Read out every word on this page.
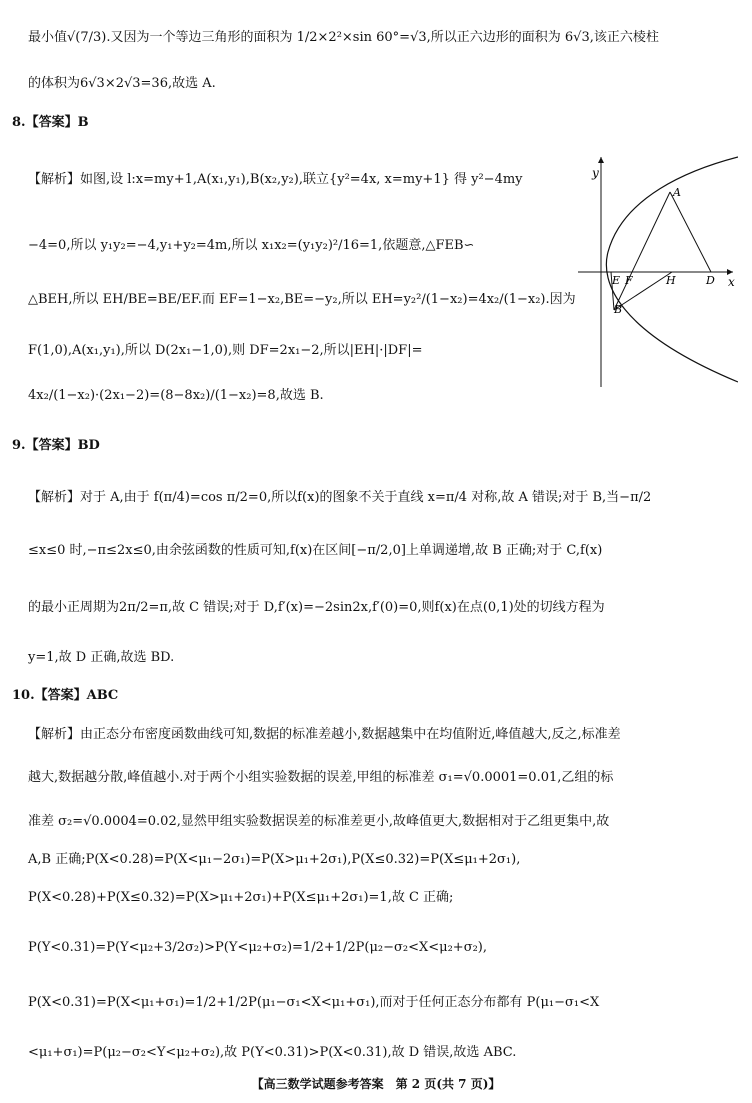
最小值√(7/3).又因为一个等边三角形的面积为 1/2×2²×sin 60°=√3,所以正六边形的面积为 6√3,该正六棱柱
的体积为6√3×2√3=36,故选 A.
8.【答案】B
【解析】如图,设 l:x=my+1,A(x₁,y₁),B(x₂,y₂),联立{y²=4x, x=my+1} 得 y²−4my
−4=0,所以 y₁y₂=−4,y₁+y₂=4m,所以 x₁x₂=(y₁y₂)²/16=1,依题意,△FEB∽
△BEH,所以 EH/BE=BE/EF.而 EF=1−x₂,BE=−y₂,所以 EH=y₂²/(1−x₂)=4x₂/(1−x₂).因为
F(1,0),A(x₁,y₁),所以 D(2x₁−1,0),则 DF=2x₁−2,所以|EH|·|DF|=
4x₂/(1−x₂)·(2x₁−2)=(8−8x₂)/(1−x₂)=8,故选 B.
9.【答案】BD
【解析】对于 A,由于 f(π/4)=cos π/2=0,所以f(x)的图象不关于直线 x=π/4 对称,故 A 错误;对于 B,当−π/2
≤x≤0 时,−π≤2x≤0,由余弦函数的性质可知,f(x)在区间[−π/2,0]上单调递增,故 B 正确;对于 C,f(x)
的最小正周期为2π/2=π,故 C 错误;对于 D,f′(x)=−2sin2x,f′(0)=0,则f(x)在点(0,1)处的切线方程为
y=1,故 D 正确,故选 BD.
10.【答案】ABC
【解析】由正态分布密度函数曲线可知,数据的标准差越小,数据越集中在均值附近,峰值越大,反之,标准差
越大,数据越分散,峰值越小.对于两个小组实验数据的误差,甲组的标准差 σ₁=√0.0001=0.01,乙组的标
准差 σ₂=√0.0004=0.02,显然甲组实验数据误差的标准差更小,故峰值更大,数据相对于乙组更集中,故
A,B 正确;P(X<0.28)=P(X<μ₁−2σ₁)=P(X>μ₁+2σ₁),P(X≤0.32)=P(X≤μ₁+2σ₁),
P(X<0.28)+P(X≤0.32)=P(X>μ₁+2σ₁)+P(X≤μ₁+2σ₁)=1,故 C 正确;
P(Y<0.31)=P(Y<μ₂+3/2σ₂)>P(Y<μ₂+σ₂)=1/2+1/2P(μ₂−σ₂<X<μ₂+σ₂),
P(X<0.31)=P(X<μ₁+σ₁)=1/2+1/2P(μ₁−σ₁<X<μ₁+σ₁),而对于任何正态分布都有 P(μ₁−σ₁<X
<μ₁+σ₁)=P(μ₂−σ₂<Y<μ₂+σ₂),故 P(Y<0.31)>P(X<0.31),故 D 错误,故选 ABC.
y
x
A
E F	H	D
B
【高三数学试题参考答案　第 2 页(共 7 页)】
